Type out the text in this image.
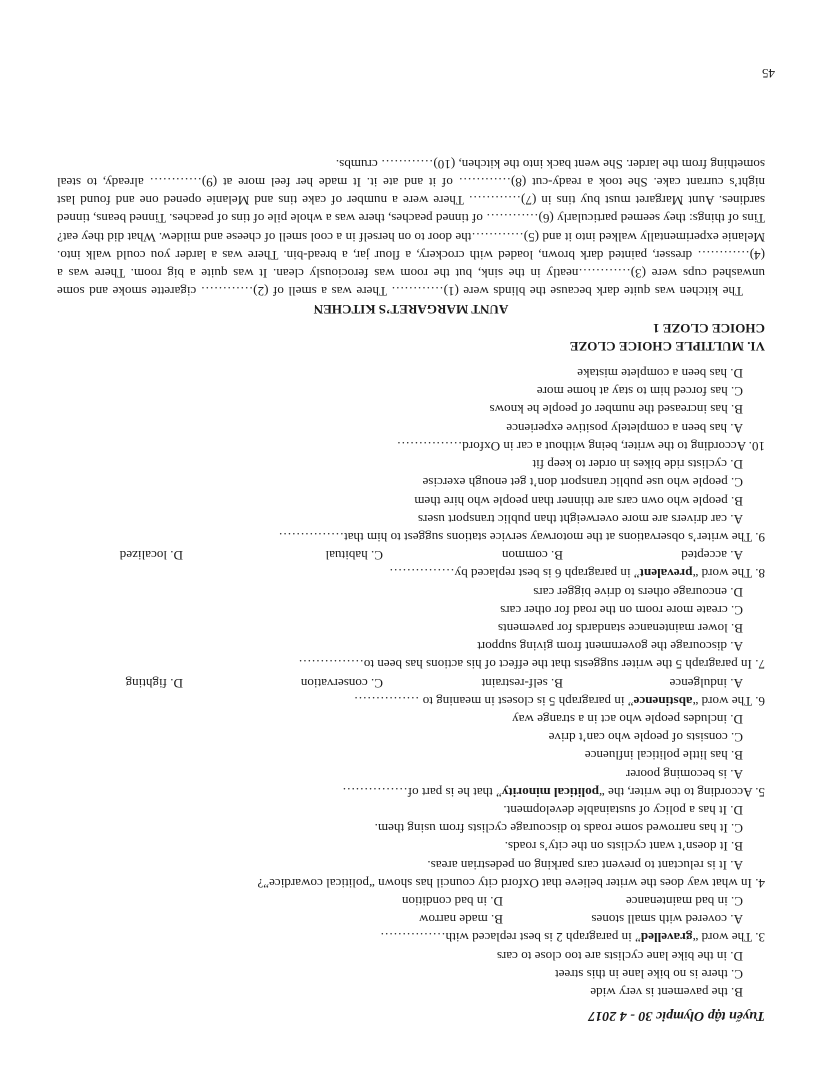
Tuyển tập Olympic 30 - 4 2017
B. the pavement is very wide
C. there is no bike lane in this street
D. in the bike lane cyclists are too close to cars
3. The word “gravelled” in paragraph 2 is best replaced with……………
A. covered with small stones
B. made narrow
C. in bad maintenance
D. in bad condition
4. In what way does the writer believe that Oxford city council has shown “political cowardice”?
A. It is reluctant to prevent cars parking on pedestrian areas.
B. It doesn’t want cyclists on the city’s roads.
C. It has narrowed some roads to discourage cyclists from using them.
D. It has a policy of sustainable development.
5. According to the writer, the “political minority” that he is part of……………
A. is becoming poorer
B. has little political influence
C. consists of people who can’t drive
D. includes people who act in a strange way
6. The word “abstinence” in paragraph 5 is closest in meaning to ……………
A. indulgence
B. self-restraint
C. conservation
D. fighting
7. In paragraph 5 the writer suggests that the effect of his actions has been to……………
A. discourage the government from giving support
B. lower maintenance standards for pavements
C. create more room on the road for other cars
D. encourage others to drive bigger cars
8. The word “prevalent” in paragraph 6 is best replaced by……………
A. accepted
B. common
C. habitual
D. localized
9. The writer’s observations at the motorway service stations suggest to him that……………
A. car drivers are more overweight than public transport users
B. people who own cars are thinner than people who hire them
C. people who use public transport don’t get enough exercise
D. cyclists ride bikes in order to keep fit
10. According to the writer, being without a car in Oxford……………
A. has been a completely positive experience
B. has increased the number of people he knows
C. has forced him to stay at home more
D. has been a complete mistake
VI. MULTIPLE CHOICE CLOZE
CHOICE CLOZE 1
AUNT MARGARET’S KITCHEN

The kitchen was quite dark because the blinds were (1)………… There was a smell of (2)………… cigarette smoke and some unwashed cups were (3)…………neatly in the sink, but the room was ferociously clean. It was quite a big room. There was a (4)………… dresser, painted dark brown, loaded with crockery, a flour jar, a bread-bin. There was a larder you could walk into. Melanie experimentally walked into it and (5)…………the door to on herself in a cool smell of cheese and mildew. What did they eat? Tins of things: they seemed particularly (6)………… of tinned peaches, there was a whole pile of tins of peaches. Tinned beans, tinned sardines. Aunt Margaret must buy tins in (7)………… There were a number of cake tins and Melanie opened one and found last night’s currant cake. She took a ready-cut (8)………… of it and ate it. It made her feel more at (9)………… already, to steal something from the larder. She went back into the kitchen, (10)………… crumbs.

45
